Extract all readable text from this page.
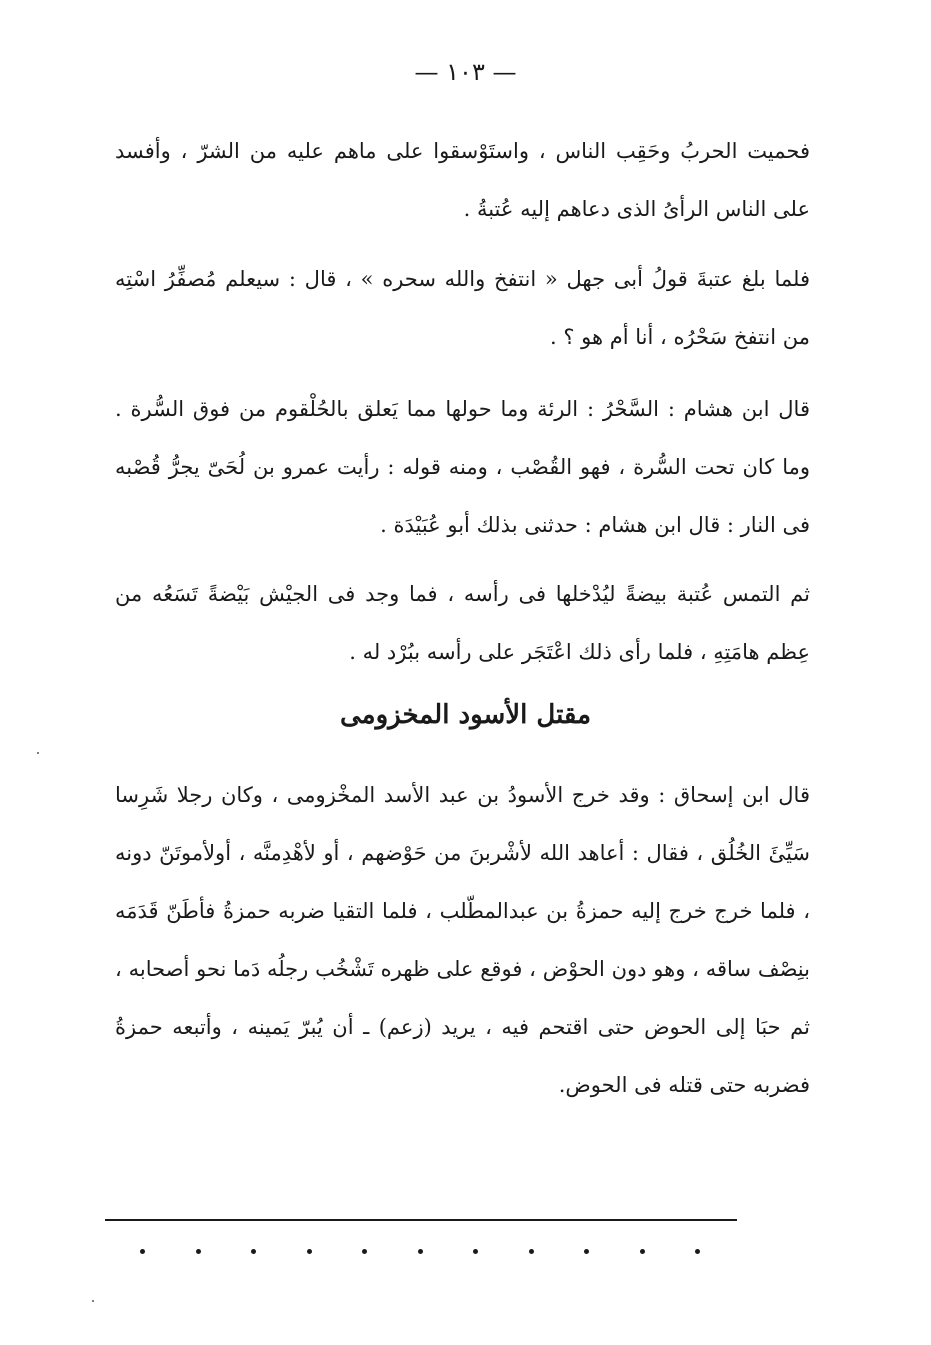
— ١٠٣ —
فحميت الحربُ وحَقِب الناس ، واستَوْسقوا على ماهم عليه من الشرّ ، وأفسد على الناس الرأىُ الذى دعاهم إليه عُتبةُ .
فلما بلغ عتبةَ قولُ أبى جهل « انتفخ والله سحره » ، قال : سيعلم مُصفِّرُ اسْتِه من انتفخ سَحْرُه ، أنا أم هو ؟ .
قال ابن هشام : السَّحْرُ : الرئة وما حولها مما يَعلق بالحُلْقوم من فوق السُّرة . وما كان تحت السُّرة ، فهو القُصْب ، ومنه قوله : رأيت عمرو بن لُحَىّ يجرُّ قُصْبه فى النار : قال ابن هشام : حدثنى بذلك أبو عُبَيْدَة .
ثم التمس عُتبة بيضةً ليُدْخلها فى رأسه ، فما وجد فى الجيْش بَيْضةً تَسَعُه من عِظم هامَتِهِ ، فلما رأى ذلك اعْتَجَر على رأسه ببُرْد له .
مقتل الأسود المخزومى
قال ابن إسحاق : وقد خرج الأسودُ بن عبد الأسد المخْزومى ، وكان رجلا شَرِسا سَيِّئَ الخُلُق ، فقال : أعاهد الله لأشْربنَ من حَوْضهم ، أو لأهْدِمنَّه ، أولأموتَنّ دونه ، فلما خرج خرج إليه حمزةُ بن عبدالمطّلب ، فلما التقيا ضربه حمزةُ فأطَنّ قَدَمَه بنِصْف ساقه ، وهو دون الحوْض ، فوقع على ظهره تَشْخُب رجلُه دَما نحو أصحابه ، ثم حبَا إلى الحوض حتى اقتحم فيه ، يريد (زعم) ـ أن يُبرّ يَمينه ، وأتبعه حمزةُ فضربه حتى قتله فى الحوض.
